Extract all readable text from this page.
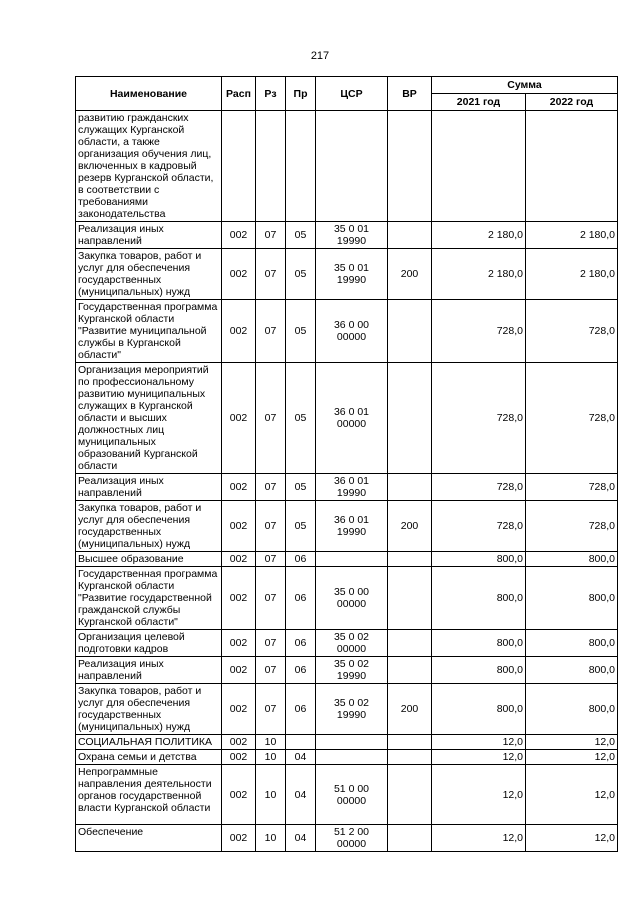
217
Наименование	Расп	Рз	Пр	ЦСР	ВР	Сумма	
						2021 год	2022 год
развитию гражданских служащих Курганской области, а также организация обучения лиц, включенных в кадровый резерв Курганской области, в соответствии с требованиями законодательства							
Реализация иных направлений	002	07	05	35 0 01 19990		2 180,0	2 180,0
Закупка товаров, работ и услуг для обеспечения государственных (муниципальных) нужд	002	07	05	35 0 01 19990	200	2 180,0	2 180,0
Государственная программа Курганской области "Развитие муниципальной службы в Курганской области"	002	07	05	36 0 00 00000		728,0	728,0
Организация мероприятий по профессиональному развитию муниципальных служащих в Курганской области и высших должностных лиц муниципальных образований Курганской области	002	07	05	36 0 01 00000		728,0	728,0
Реализация иных направлений	002	07	05	36 0 01 19990		728,0	728,0
Закупка товаров, работ и услуг для обеспечения государственных (муниципальных) нужд	002	07	05	36 0 01 19990	200	728,0	728,0
Высшее образование	002	07	06			800,0	800,0
Государственная программа Курганской области "Развитие государственной гражданской службы Курганской области"	002	07	06	35 0 00 00000		800,0	800,0
Организация целевой подготовки кадров	002	07	06	35 0 02 00000		800,0	800,0
Реализация иных направлений	002	07	06	35 0 02 19990		800,0	800,0
Закупка товаров, работ и услуг для обеспечения государственных (муниципальных) нужд	002	07	06	35 0 02 19990	200	800,0	800,0
СОЦИАЛЬНАЯ ПОЛИТИКА	002	10				12,0	12,0
Охрана семьи и детства	002	10	04			12,0	12,0
Непрограммные направления деятельности органов государственной власти Курганской области	002	10	04	51 0 00 00000		12,0	12,0
Обеспечение	002	10	04	51 2 00 00000		12,0	12,0
